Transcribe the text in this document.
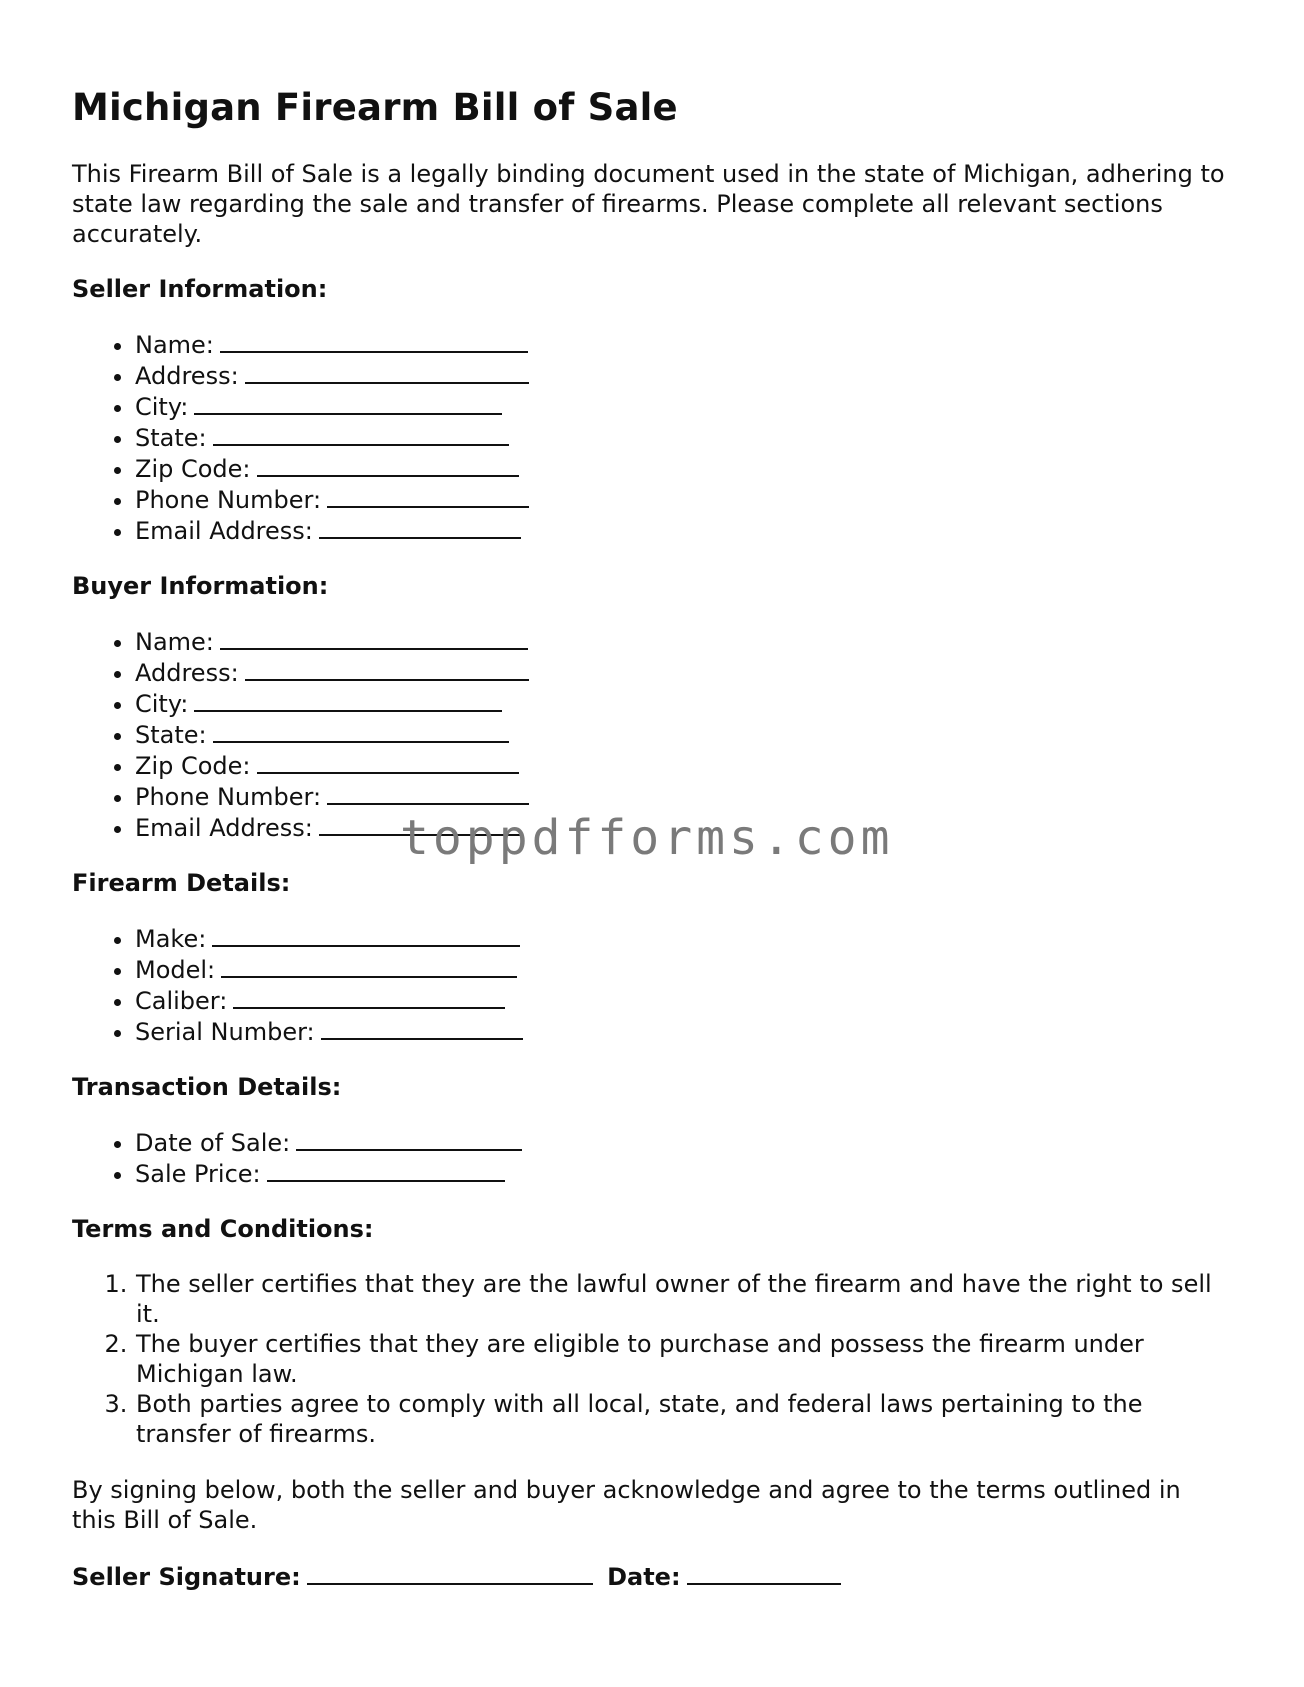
Michigan Firearm Bill of Sale

This Firearm Bill of Sale is a legally binding document used in the state of Michigan, adhering to state law regarding the sale and transfer of firearms. Please complete all relevant sections accurately.

Seller Information:
• Name:
• Address:
• City:
• State:
• Zip Code:
• Phone Number:
• Email Address:
Buyer Information:
• Name:
• Address:
• City:
• State:
• Zip Code:
• Phone Number:
• Email Address:
Firearm Details:
• Make:
• Model:
• Caliber:
• Serial Number:
Transaction Details:
• Date of Sale:
• Sale Price:
Terms and Conditions:
1. The seller certifies that they are the lawful owner of the firearm and have the right to sell it.
2. The buyer certifies that they are eligible to purchase and possess the firearm under Michigan law.
3. Both parties agree to comply with all local, state, and federal laws pertaining to the transfer of firearms.

By signing below, both the seller and buyer acknowledge and agree to the terms outlined in this Bill of Sale.

Seller Signature:	Date:

toppdfforms.com
